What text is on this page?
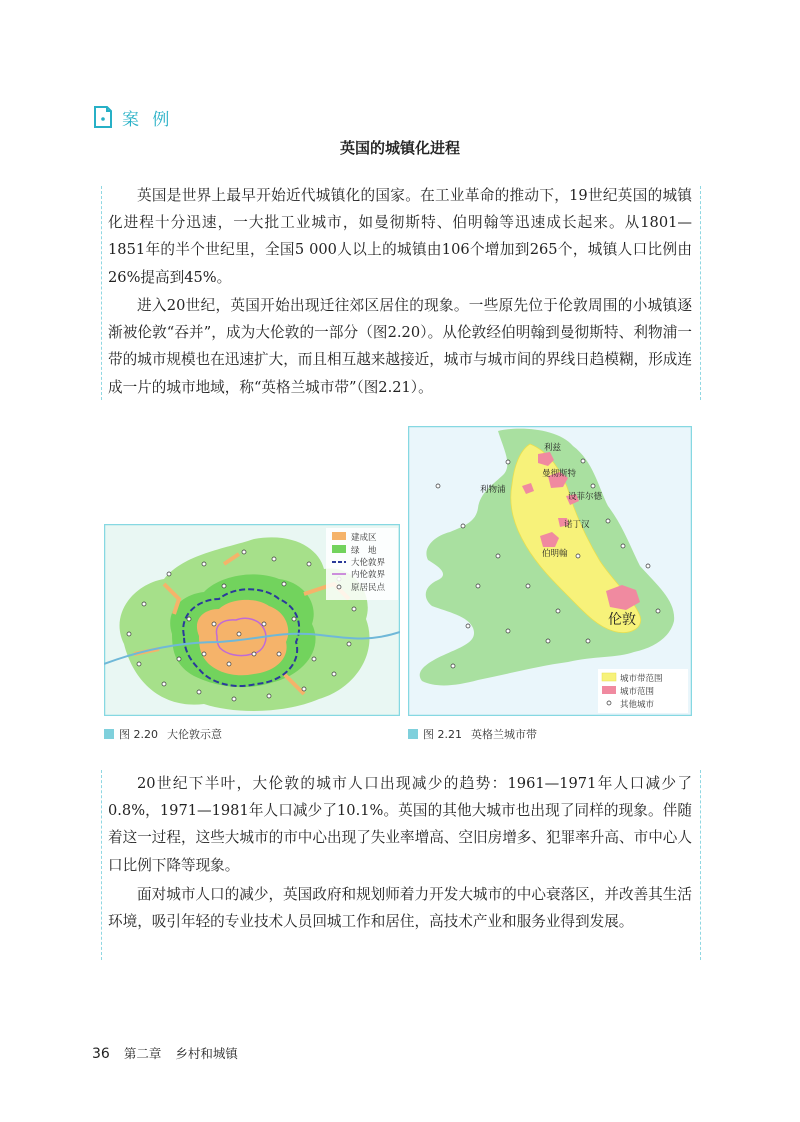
案 例
英国的城镇化进程

英国是世界上最早开始近代城镇化的国家。在工业革命的推动下，19世纪英国的城镇化进程十分迅速，一大批工业城市，如曼彻斯特、伯明翰等迅速成长起来。从1801—1851年的半个世纪里，全国5 000人以上的城镇由106个增加到265个，城镇人口比例由26%提高到45%。

进入20世纪，英国开始出现迁往郊区居住的现象。一些原先位于伦敦周围的小城镇逐渐被伦敦“吞并”，成为大伦敦的一部分（图2.20）。从伦敦经伯明翰到曼彻斯特、利物浦一带的城市规模也在迅速扩大，而且相互越来越接近，城市与城市间的界线日趋模糊，形成连成一片的城市地域，称“英格兰城市带”（图2.21）。

建成区
绿　地
大伦敦界
内伦敦界
原居民点
图 2.20 大伦敦示意
利兹
曼彻斯特
利物浦
设菲尔德
诺丁汉
伯明翰
伦敦
城市带范围
城市范围
其他城市
图 2.21 英格兰城市带

20世纪下半叶，大伦敦的城市人口出现减少的趋势：1961—1971年人口减少了0.8%，1971—1981年人口减少了10.1%。英国的其他大城市也出现了同样的现象。伴随着这一过程，这些大城市的市中心出现了失业率增高、空旧房增多、犯罪率升高、市中心人口比例下降等现象。

面对城市人口的减少，英国政府和规划师着力开发大城市的中心衰落区，并改善其生活环境，吸引年轻的专业技术人员回城工作和居住，高技术产业和服务业得到发展。

36 第二章 乡村和城镇
